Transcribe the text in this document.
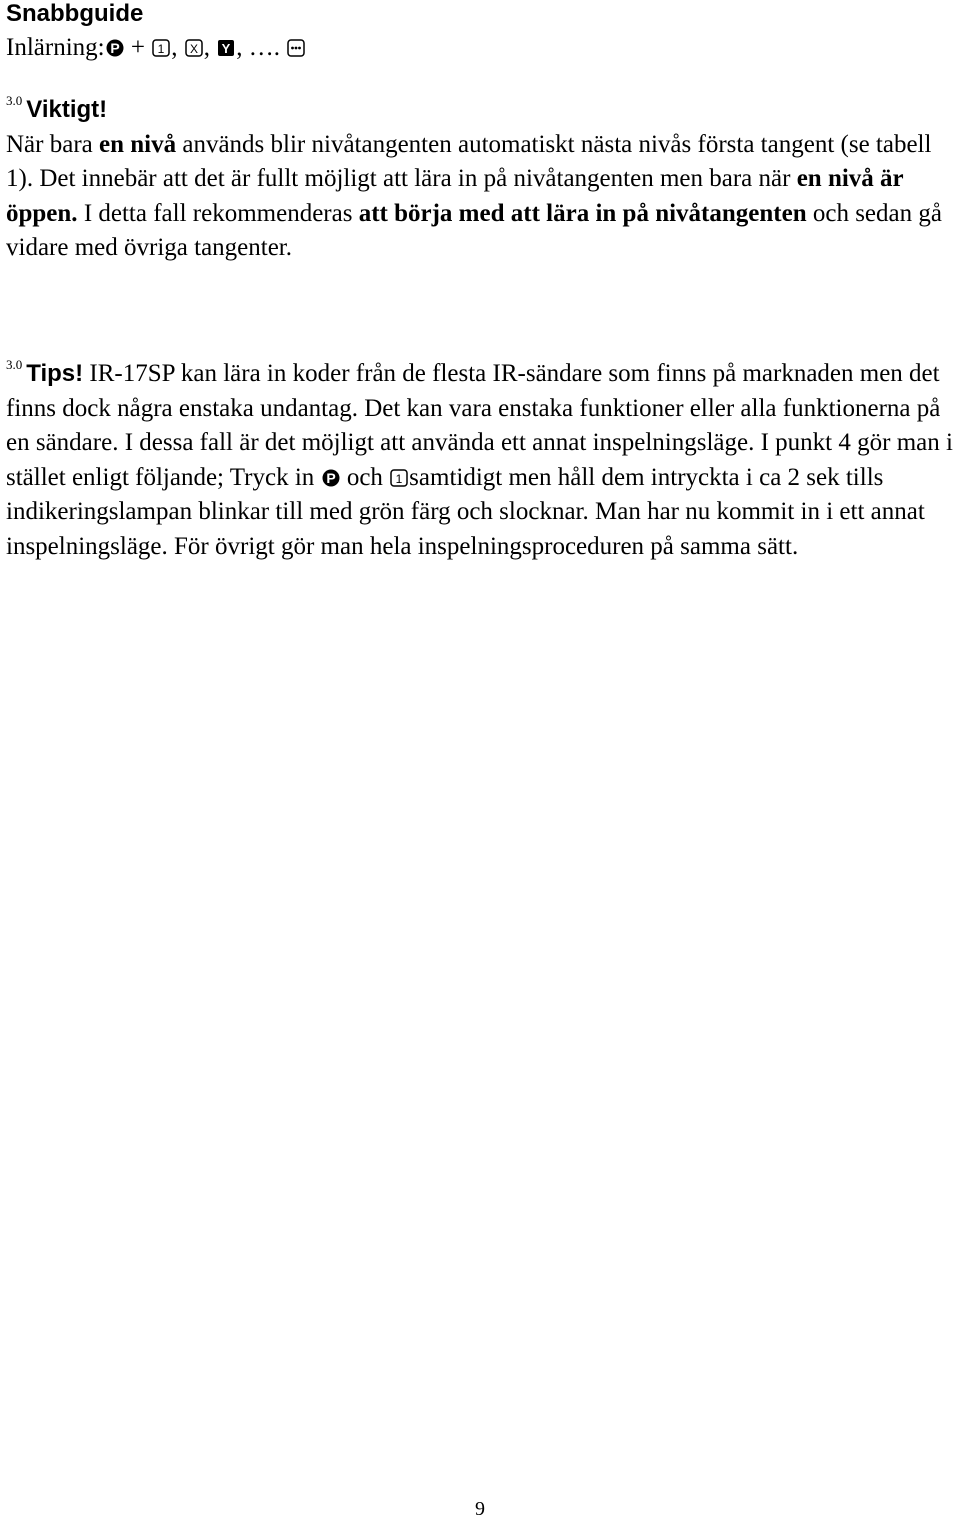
Snabbguide
Inlärning: P + 1 , X , Y , ….
$^{3.0}$ Viktigt!
När bara en nivå används blir nivåtangenten automatiskt nästa nivås första tangent (se tabell 1). Det innebär att det är fullt möjligt att lära in på nivåtangenten men bara när en nivå är öppen. I detta fall rekommenderas att börja med att lära in på nivåtangenten och sedan gå vidare med övriga tangenter.
$^{3.0}$ Tips! IR-17SP kan lära in koder från de flesta IR-sändare som finns på marknaden men det finns dock några enstaka undantag. Det kan vara enstaka funktioner eller alla funktionerna på en sändare. I dessa fall är det möjligt att använda ett annat inspelningsläge. I punkt 4 gör man i stället enligt följande; Tryck in P och 1 samtidigt men håll dem intryckta i ca 2 sek tills indikeringslampan blinkar till med grön färg och slocknar. Man har nu kommit in i ett annat inspelningsläge. För övrigt gör man hela inspelningsproceduren på samma sätt.
9
